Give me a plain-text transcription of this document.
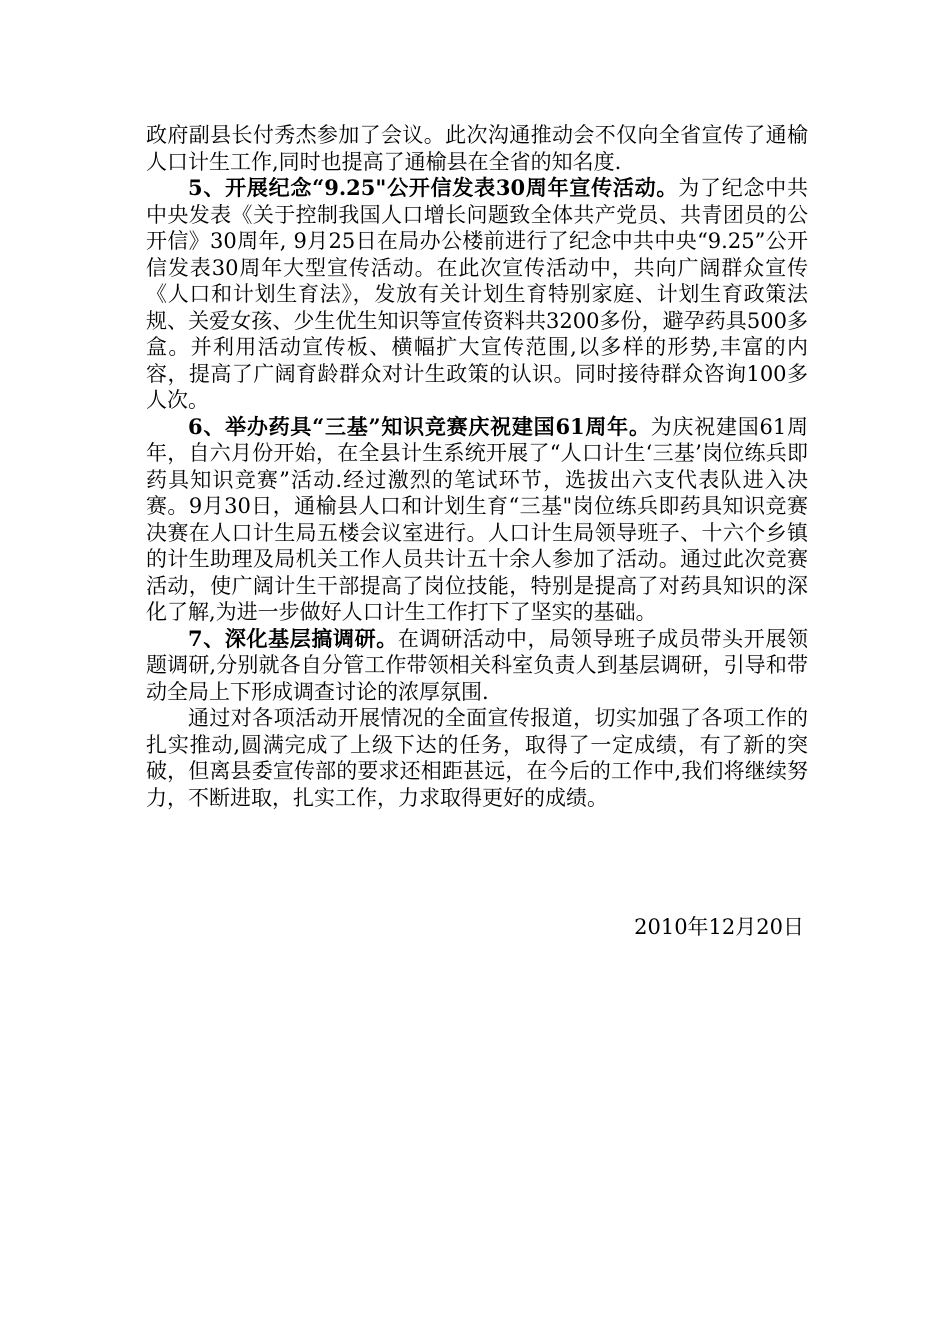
政府副县长付秀杰参加了会议。此次沟通推动会不仅向全省宣传了通榆人口计生工作,同时也提高了通榆县在全省的知名度.

5、开展纪念“9.25"公开信发表30周年宣传活动。为了纪念中共中央发表《关于控制我国人口增长问题致全体共产党员、共青团员的公开信》30周年, 9月25日在局办公楼前进行了纪念中共中央“9.25”公开信发表30周年大型宣传活动。在此次宣传活动中，共向广阔群众宣传《人口和计划生育法》，发放有关计划生育特别家庭、计划生育政策法规、关爱女孩、少生优生知识等宣传资料共3200多份，避孕药具500多盒。并利用活动宣传板、横幅扩大宣传范围,以多样的形势,丰富的内容，提高了广阔育龄群众对计生政策的认识。同时接待群众咨询100多人次。

6、举办药具“三基”知识竞赛庆祝建国61周年。为庆祝建国61周年，自六月份开始，在全县计生系统开展了“人口计生‘三基’岗位练兵即药具知识竞赛”活动.经过激烈的笔试环节，选拔出六支代表队进入决赛。9月30日，通榆县人口和计划生育“三基"岗位练兵即药具知识竞赛决赛在人口计生局五楼会议室进行。人口计生局领导班子、十六个乡镇的计生助理及局机关工作人员共计五十余人参加了活动。通过此次竞赛活动，使广阔计生干部提高了岗位技能，特别是提高了对药具知识的深化了解,为进一步做好人口计生工作打下了坚实的基础。

7、深化基层搞调研。在调研活动中，局领导班子成员带头开展领题调研,分别就各自分管工作带领相关科室负责人到基层调研，引导和带动全局上下形成调查讨论的浓厚氛围.

通过对各项活动开展情况的全面宣传报道，切实加强了各项工作的扎实推动,圆满完成了上级下达的任务，取得了一定成绩，有了新的突破，但离县委宣传部的要求还相距甚远，在今后的工作中,我们将继续努力，不断进取，扎实工作，力求取得更好的成绩。

2010年12月20日
